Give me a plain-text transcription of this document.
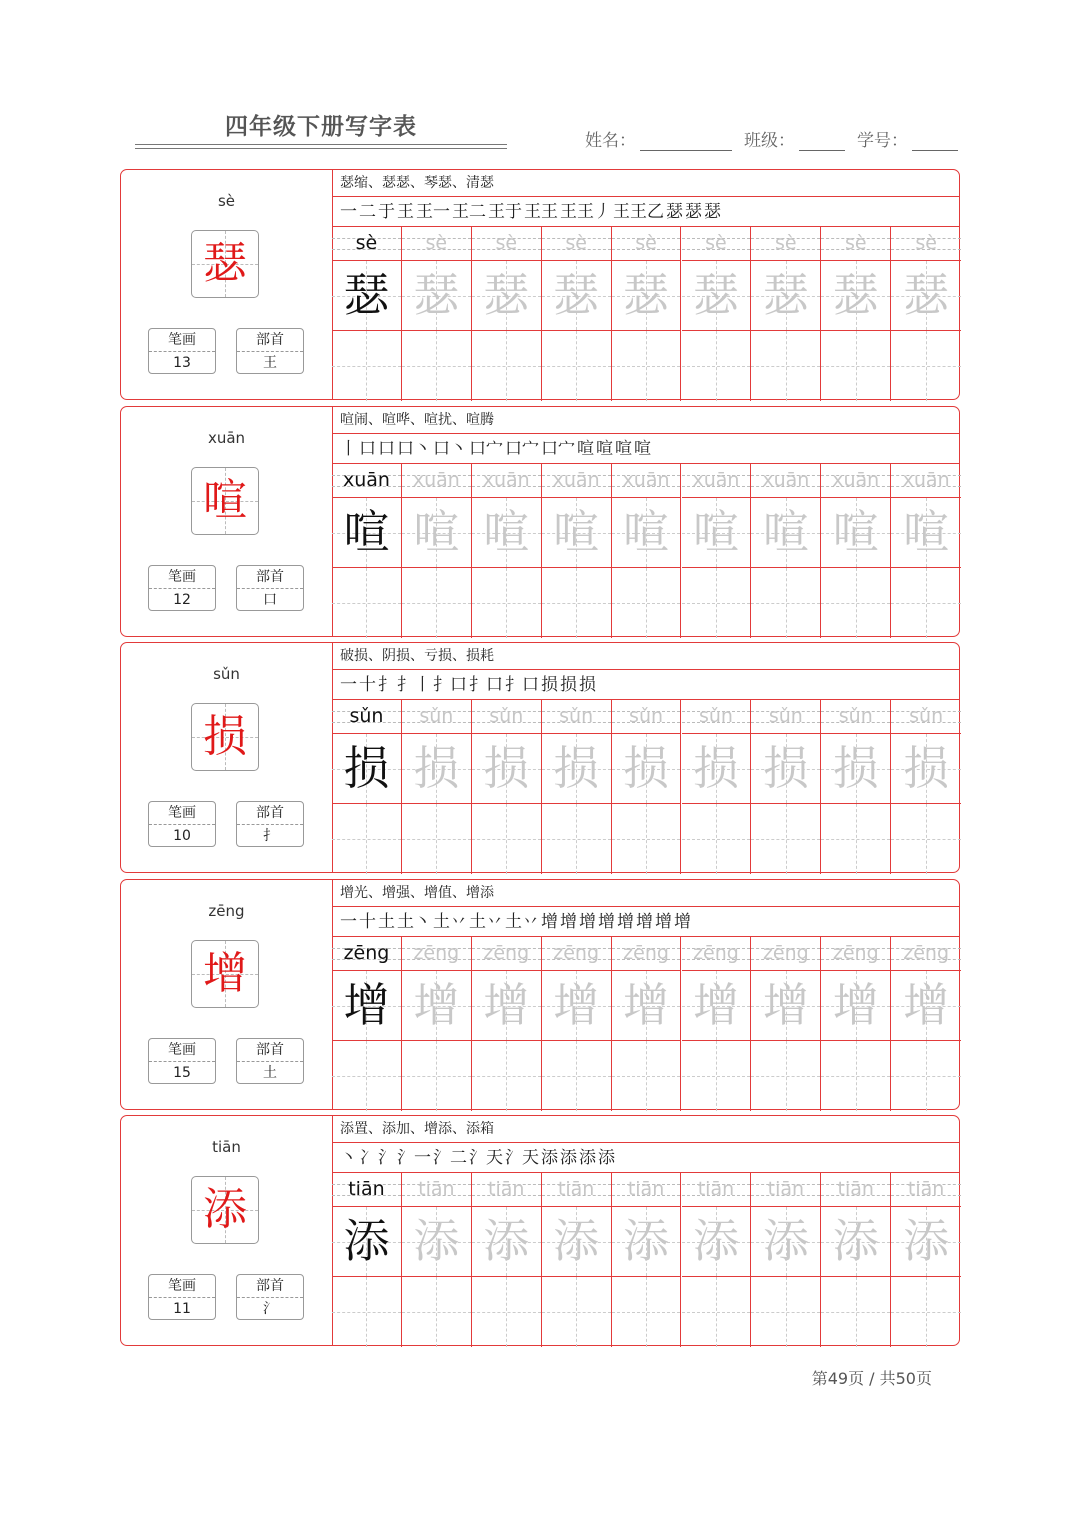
四年级下册写字表
姓名：	班级：	学号：
sè
瑟
笔画
13
部首
王
瑟缩、瑟瑟、琴瑟、清瑟
一 二 于 王 王一 王二 王于 王王 王王丿 王王乙 瑟 瑟 瑟
sè
瑟
sè
瑟
sè
瑟
sè
瑟
sè
瑟
sè
瑟
sè
瑟
sè
瑟
sè
瑟
xuān
喧
笔画
12
部首
口
喧闹、喧哗、喧扰、喧腾
丨 口 口 口丶 口丶 口宀 口宀 口宀 喧 喧 喧 喧
xuān
喧
xuān
喧
xuān
喧
xuān
喧
xuān
喧
xuān
喧
xuān
喧
xuān
喧
xuān
喧
sǔn
损
笔画
10
部首
扌
破损、阴损、亏损、损耗
一 十 扌 扌丨 扌口 扌口 扌口 损 损 损
sǔn
损
sǔn
损
sǔn
损
sǔn
损
sǔn
损
sǔn
损
sǔn
损
sǔn
损
sǔn
损
zēng
增
笔画
15
部首
土
增光、增强、增值、增添
一 十 土 土丶 土丷 土丷 土丷 增 增 增 增 增 增 增 增
zēng
增
zēng
增
zēng
增
zēng
增
zēng
增
zēng
增
zēng
增
zēng
增
zēng
增
tiān
添
笔画
11
部首
氵
添置、添加、增添、添箱
丶 冫 氵 氵一 氵二 氵天 氵天 添 添 添 添
tiān
添
tiān
添
tiān
添
tiān
添
tiān
添
tiān
添
tiān
添
tiān
添
tiān
添
第49页 / 共50页
